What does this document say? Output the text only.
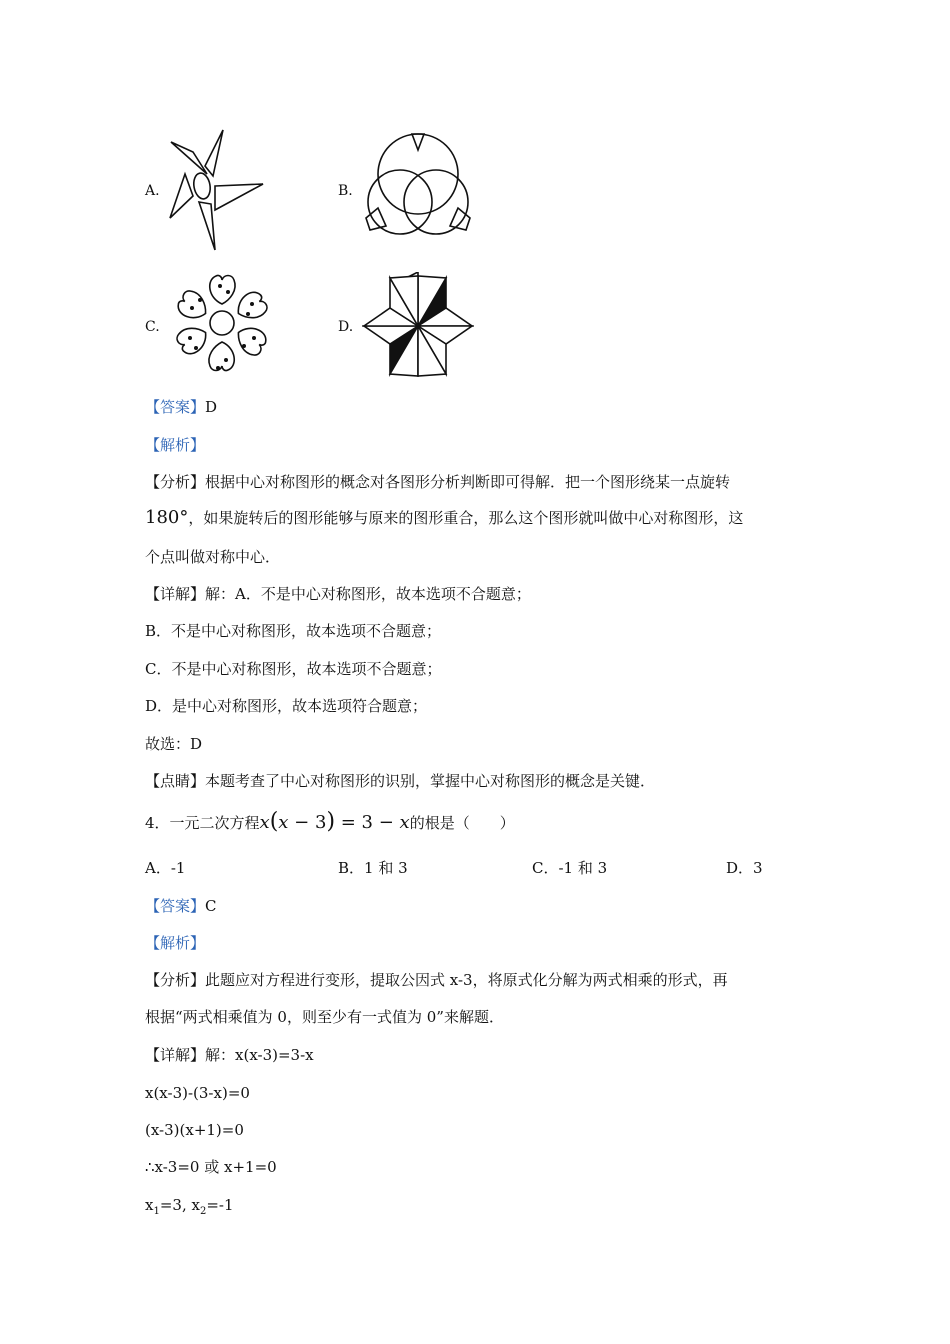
A.	B.
C.	D.
【答案】D
【解析】
【分析】根据中心对称图形的概念对各图形分析判断即可得解．把一个图形绕某一点旋转
180°，如果旋转后的图形能够与原来的图形重合，那么这个图形就叫做中心对称图形，这
个点叫做对称中心．
【详解】解：A．不是中心对称图形，故本选项不合题意；
B．不是中心对称图形，故本选项不合题意；
C．不是中心对称图形，故本选项不合题意；
D．是中心对称图形，故本选项符合题意；
故选：D
【点睛】本题考查了中心对称图形的识别，掌握中心对称图形的概念是关键．
4．一元二次方程x(x − 3) = 3 − x的根是（　　）
A．-1	B．1 和 3	C．-1 和 3	D．3
【答案】C
【解析】
【分析】此题应对方程进行变形，提取公因式 x-3，将原式化分解为两式相乘的形式，再
根据“两式相乘值为 0，则至少有一式值为 0”来解题．
【详解】解：x(x-3)=3-x
x(x-3)-(3-x)=0
(x-3)(x+1)=0
∴x-3=0 或 x+1=0
$x_1=3$, $x_2=-1$
